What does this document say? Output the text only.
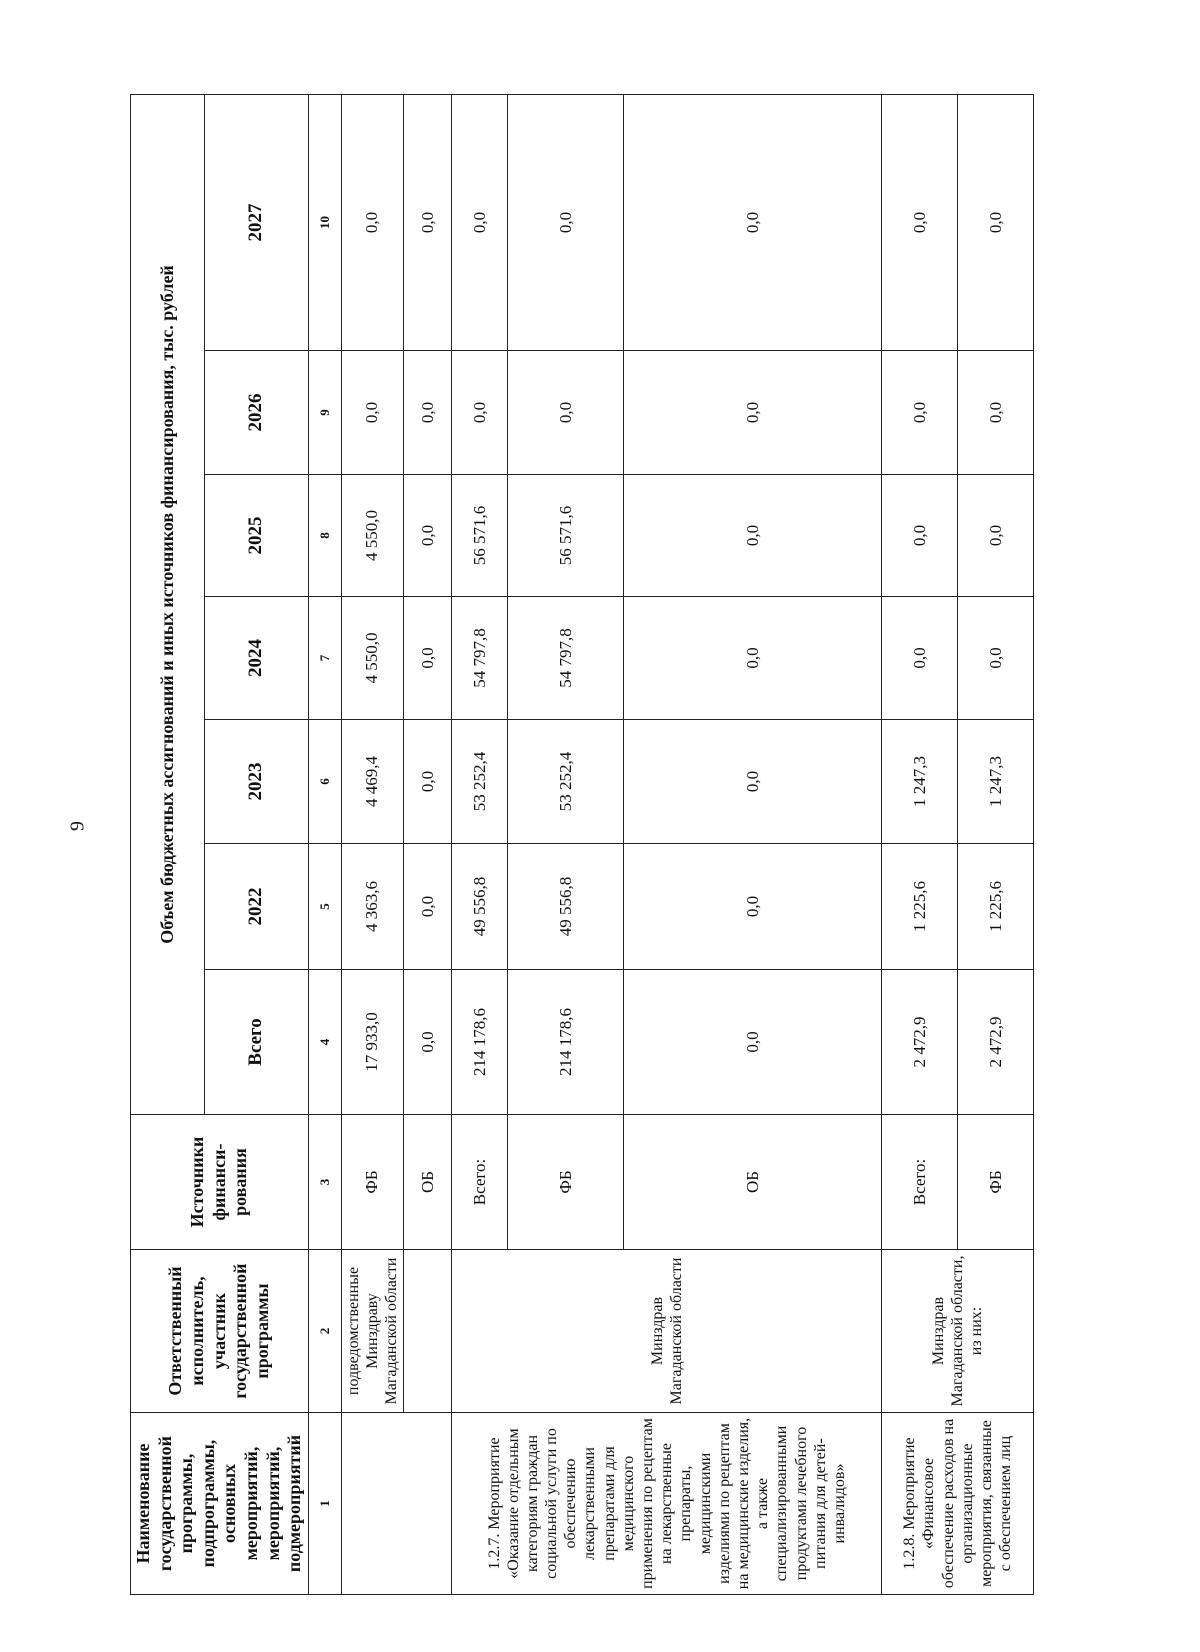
9
Наименование государственной программы, подпрограммы, основных мероприятий, мероприятий, подмероприятий	Ответственный исполнитель, участник государственной программы	Источники финанси-рования	Объем бюджетных ассигнований и иных источников финансирования, тыс. рублей						
			Всего	2022	2023	2024	2025	2026	2027
1	2	3	4	5	6	7	8	9	10
	подведомственные Минздраву Магаданской области	ФБ	17 933,0	4 363,6	4 469,4	4 550,0	4 550,0	0,0	0,0
		ОБ	0,0	0,0	0,0	0,0	0,0	0,0	0,0
1.2.7. Мероприятие «Оказание отдельным категориям граждан социальной услуги по обеспечению лекарственными препаратами для медицинского применения по рецептам на лекарственные препараты, медицинскими изделиями по рецептам на медицинские изделия, а также специализированными продуктами лечебного питания для детей-инвалидов»	Минздрав Магаданской области	Всего:	214 178,6	49 556,8	53 252,4	54 797,8	56 571,6	0,0	0,0
		ФБ	214 178,6	49 556,8	53 252,4	54 797,8	56 571,6	0,0	0,0
		ОБ	0,0	0,0	0,0	0,0	0,0	0,0	0,0
1.2.8. Мероприятие «Финансовое обеспечение расходов на организационные мероприятия, связанные с обеспечением лиц	Минздрав Магаданской области, из них:	Всего:	2 472,9	1 225,6	1 247,3	0,0	0,0	0,0	0,0
		ФБ	2 472,9	1 225,6	1 247,3	0,0	0,0	0,0	0,0
